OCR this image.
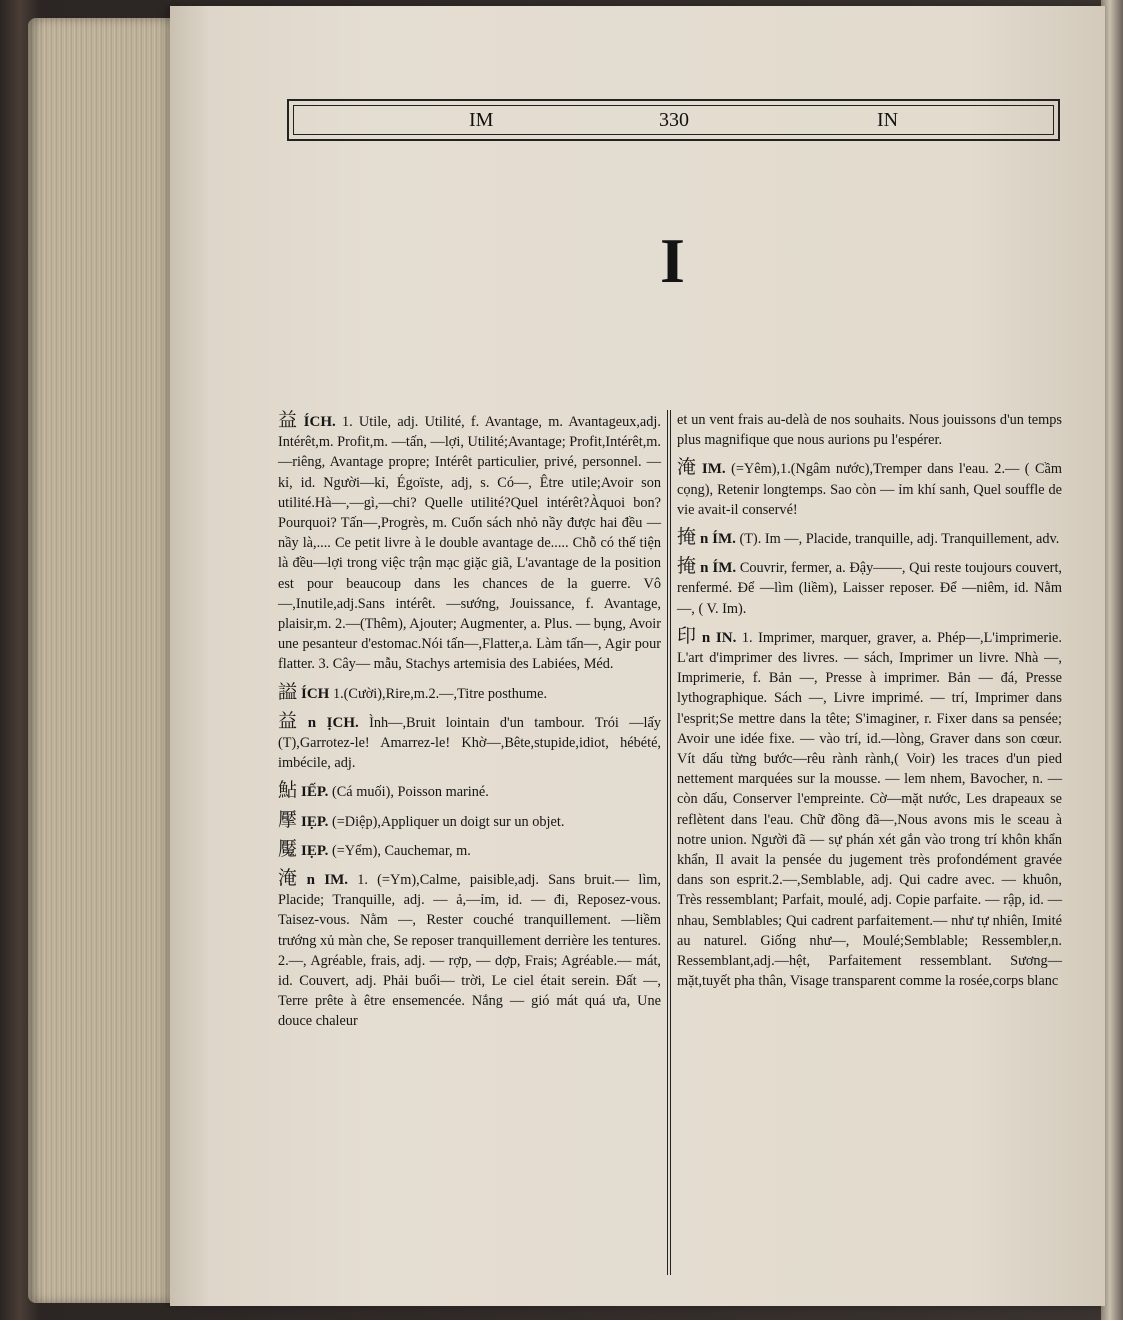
IM	330	IN
I

益 ÍCH. 1. Utile, adj. Utilité, f. Avantage, m. Avantageux,adj. Intérêt,m. Profit,m. —tấn, —lợi, Utilité;Avantage; Profit,Intérêt,m. —riêng, Avantage propre; Intérêt particulier, privé, personnel. —kỉ, id. Người—kỉ, Égoïste, adj, s. Có—, Être utile;Avoir son utilité.Hà—,—gì,—chi? Quelle utilité?Quel intérêt?Àquoi bon?Pourquoi? Tấn—,Progrès, m. Cuốn sách nhỏ nầy được hai đều — nầy là,.... Ce petit livre à le double avantage de..... Chỗ có thế tiện là đều—lợi trong việc trận mạc giặc giã, L'avantage de la position est pour beaucoup dans les chances de la guerre. Vô—,Inutile,adj.Sans intérêt. —sướng, Jouissance, f. Avantage, plaisir,m. 2.—(Thêm), Ajouter; Augmenter, a. Plus. — bụng, Avoir une pesanteur d'estomac.Nói tấn—,Flatter,a. Làm tấn—, Agir pour flatter. 3. Cây— mẫu, Stachys artemisia des Labiées, Méd.

謚 ÍCH 1.(Cười),Rire,m.2.—,Titre posthume.

益 n ỊCH. Ình—,Bruit lointain d'un tambour. Trói —lấy (T),Garrotez-le! Amarrez-le! Khờ—,Bête,stupide,idiot, hébété, imbécile, adj.

鮎 IẾP. (Cá muối), Poisson mariné.

擪 IẸP. (=Diệp),Appliquer un doigt sur un objet.

魘 IẸP. (=Yểm), Cauchemar, m.

淹 n IM. 1. (=Ym),Calme, paisible,adj. Sans bruit.— lìm, Placide; Tranquille, adj. — ả,—ỉm, id. — đi, Reposez-vous. Taisez-vous. Nằm —, Rester couché tranquillement. —liềm trướng xủ màn che, Se reposer tranquillement derrière les tentures. 2.—, Agréable, frais, adj. — rợp, — dợp, Frais; Agréable.— mát, id. Couvert, adj. Phải buổi— trời, Le ciel était serein. Đất —, Terre prête à être ensemencée. Nắng — gió mát quá ưa, Une douce chaleur

et un vent frais au-delà de nos souhaits. Nous jouissons d'un temps plus magnifique que nous aurions pu l'espérer.

淹 IM. (=Yêm),1.(Ngâm nước),Tremper dans l'eau. 2.— ( Cầm cọng), Retenir longtemps. Sao còn — ỉm khí sanh, Quel souffle de vie avait-il conservé!

掩 n ÍM. (T). Im —, Placide, tranquille, adj. Tranquillement, adv.

掩 n ÍM. Couvrir, fermer, a. Đậy——, Qui reste toujours couvert, renfermé. Để —lìm (liềm), Laisser reposer. Để —niêm, id. Nằm —, ( V. Im).

印 n IN. 1. Imprimer, marquer, graver, a. Phép—,L'imprimerie. L'art d'imprimer des livres. — sách, Imprimer un livre. Nhà —, Imprimerie, f. Bản —, Presse à imprimer. Bản — đá, Presse lythographique. Sách —, Livre imprimé. — trí, Imprimer dans l'esprit;Se mettre dans la tête; S'imaginer, r. Fixer dans sa pensée; Avoir une idée fixe. — vào trí, id.—lòng, Graver dans son cœur. Vít dấu từng bước—rêu rành rành,( Voir) les traces d'un pied nettement marquées sur la mousse. — lem nhem, Bavocher, n. —còn dấu, Conserver l'empreinte. Cờ—mặt nước, Les drapeaux se reflètent dans l'eau. Chữ đồng đã—,Nous avons mis le sceau à notre union. Người đã — sự phán xét gắn vào trong trí khôn khẩn khẩn, Il avait la pensée du jugement très profondément gravée dans son esprit.2.—,Semblable, adj. Qui cadre avec. — khuôn, Très ressemblant; Parfait, moulé, adj. Copie parfaite. — rập, id. — nhau, Semblables; Qui cadrent parfaitement.— như tự nhiên, Imité au naturel. Giống như—, Moulé;Semblable; Ressembler,n. Ressemblant,adj.—hệt, Parfaitement ressemblant. Sương—mặt,tuyết pha thân, Visage transparent comme la rosée,corps blanc
